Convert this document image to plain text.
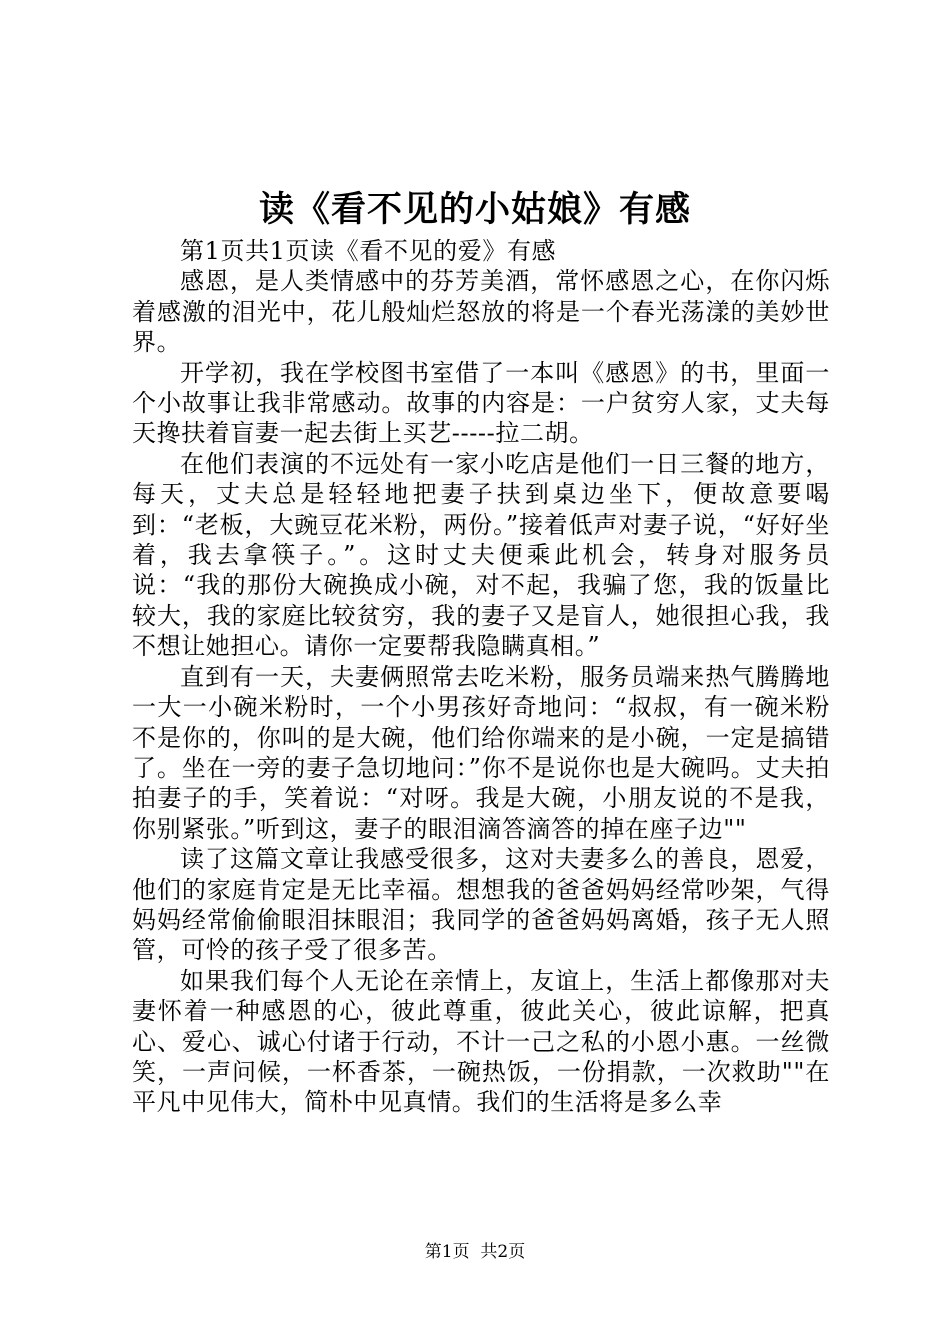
读《看不见的小姑娘》有感

第1页共1页读《看不见的爱》有感

感恩，是人类情感中的芬芳美酒，常怀感恩之心，在你闪烁着感激的泪光中，花儿般灿烂怒放的将是一个春光荡漾的美妙世界。

开学初，我在学校图书室借了一本叫《感恩》的书，里面一个小故事让我非常感动。故事的内容是：一户贫穷人家，丈夫每天搀扶着盲妻一起去街上买艺-----拉二胡。

在他们表演的不远处有一家小吃店是他们一日三餐的地方，每天，丈夫总是轻轻地把妻子扶到桌边坐下，便故意要喝到：“老板，大豌豆花米粉，两份。”接着低声对妻子说，“好好坐着，我去拿筷子。”。这时丈夫便乘此机会，转身对服务员说：“我的那份大碗换成小碗，对不起，我骗了您，我的饭量比较大，我的家庭比较贫穷，我的妻子又是盲人，她很担心我，我不想让她担心。请你一定要帮我隐瞒真相。”

直到有一天，夫妻俩照常去吃米粉，服务员端来热气腾腾地一大一小碗米粉时，一个小男孩好奇地问：“叔叔，有一碗米粉不是你的，你叫的是大碗，他们给你端来的是小碗，一定是搞错了。坐在一旁的妻子急切地问：”你不是说你也是大碗吗。丈夫拍拍妻子的手，笑着说：“对呀。我是大碗，小朋友说的不是我，你别紧张。”听到这，妻子的眼泪滴答滴答的掉在座子边""

读了这篇文章让我感受很多，这对夫妻多么的善良，恩爱，他们的家庭肯定是无比幸福。想想我的爸爸妈妈经常吵架，气得妈妈经常偷偷眼泪抹眼泪；我同学的爸爸妈妈离婚，孩子无人照管，可怜的孩子受了很多苦。

如果我们每个人无论在亲情上，友谊上，生活上都像那对夫妻怀着一种感恩的心，彼此尊重，彼此关心，彼此谅解，把真心、爱心、诚心付诸于行动，不计一己之私的小恩小惠。一丝微笑，一声问候，一杯香茶，一碗热饭，一份捐款，一次救助""在平凡中见伟大，简朴中见真情。我们的生活将是多么幸

第1页  共2页
